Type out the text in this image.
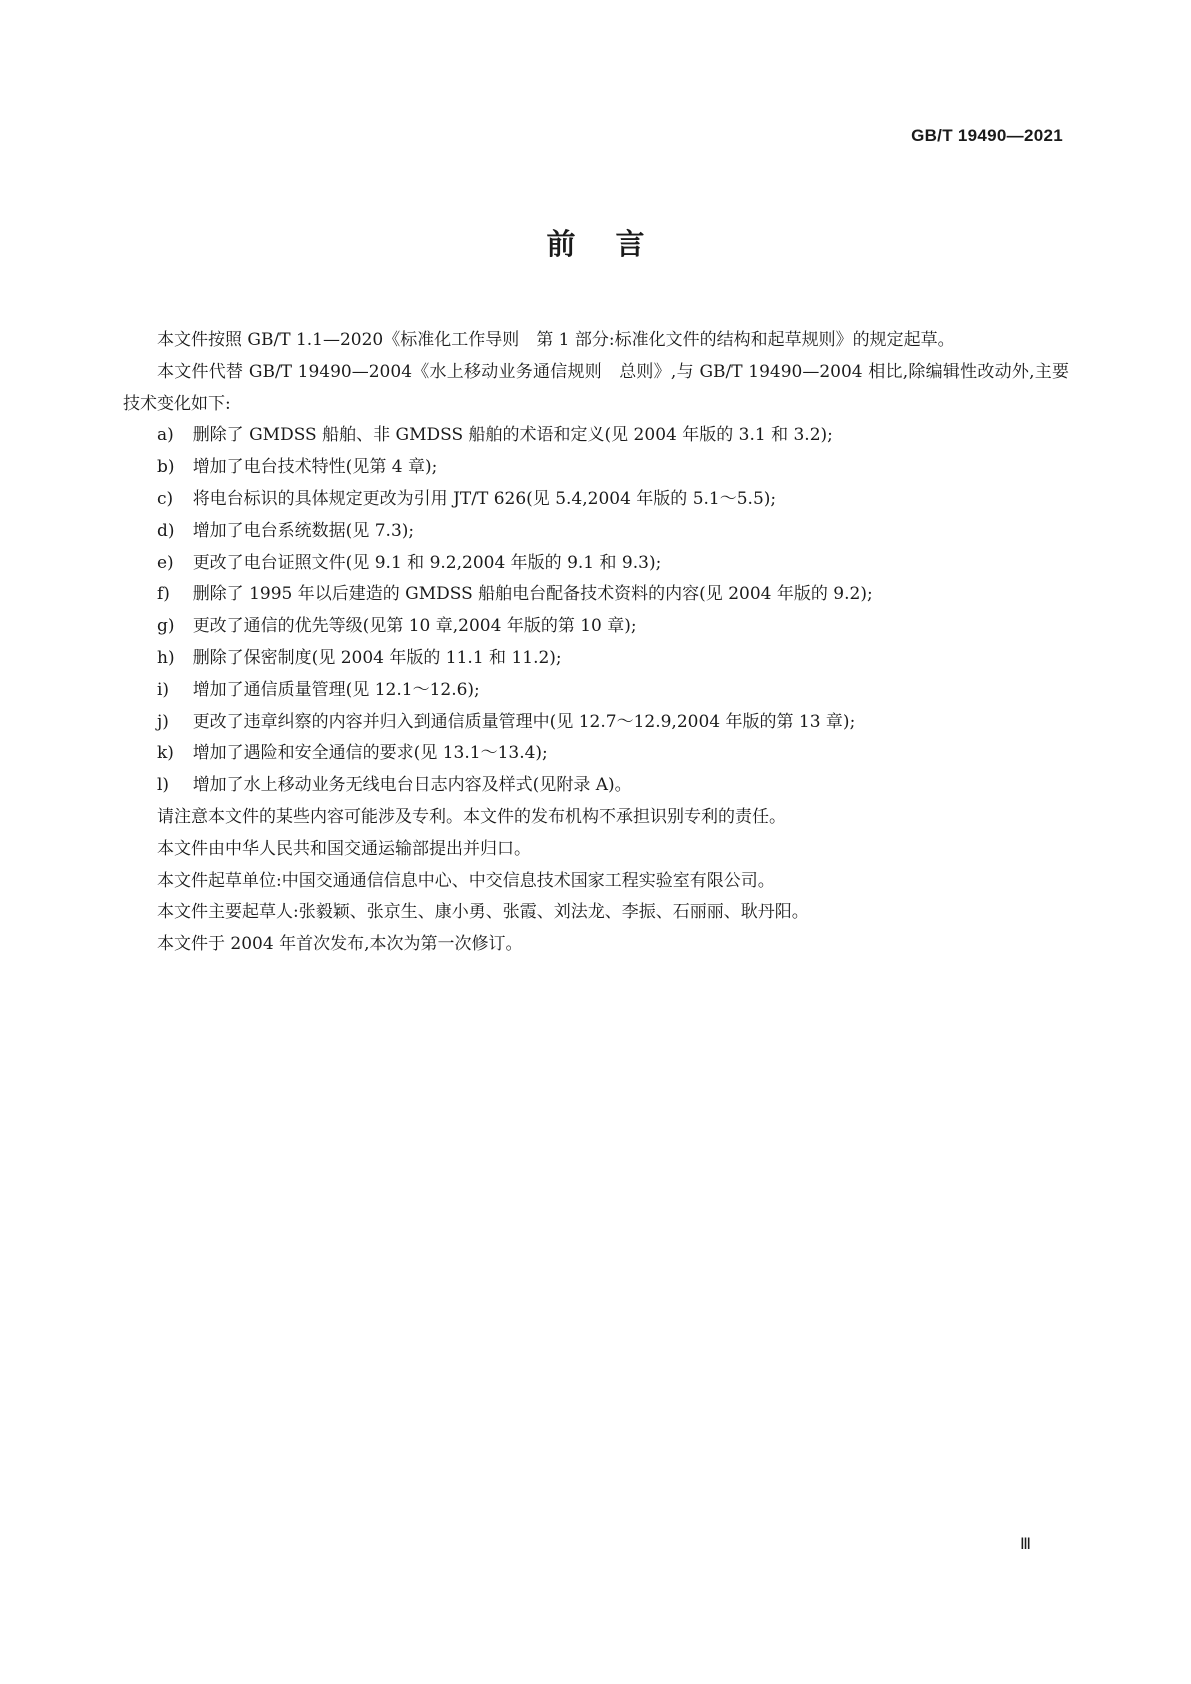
GB/T 19490—2021
前言

本文件按照 GB/T 1.1—2020《标准化工作导则　第 1 部分:标准化文件的结构和起草规则》的规定起草。

本文件代替 GB/T 19490—2004《水上移动业务通信规则　总则》,与 GB/T 19490—2004 相比,除编辑性改动外,主要技术变化如下:

a) 删除了 GMDSS 船舶、非 GMDSS 船舶的术语和定义(见 2004 年版的 3.1 和 3.2);
b) 增加了电台技术特性(见第 4 章);
c) 将电台标识的具体规定更改为引用 JT/T 626(见 5.4,2004 年版的 5.1～5.5);
d) 增加了电台系统数据(见 7.3);
e) 更改了电台证照文件(见 9.1 和 9.2,2004 年版的 9.1 和 9.3);
f) 删除了 1995 年以后建造的 GMDSS 船舶电台配备技术资料的内容(见 2004 年版的 9.2);
g) 更改了通信的优先等级(见第 10 章,2004 年版的第 10 章);
h) 删除了保密制度(见 2004 年版的 11.1 和 11.2);
i) 增加了通信质量管理(见 12.1～12.6);
j) 更改了违章纠察的内容并归入到通信质量管理中(见 12.7～12.9,2004 年版的第 13 章);
k) 增加了遇险和安全通信的要求(见 13.1～13.4);
l) 增加了水上移动业务无线电台日志内容及样式(见附录 A)。

请注意本文件的某些内容可能涉及专利。本文件的发布机构不承担识别专利的责任。

本文件由中华人民共和国交通运输部提出并归口。

本文件起草单位:中国交通通信信息中心、中交信息技术国家工程实验室有限公司。

本文件主要起草人:张毅颖、张京生、康小勇、张霞、刘法龙、李振、石丽丽、耿丹阳。

本文件于 2004 年首次发布,本次为第一次修订。

Ⅲ
